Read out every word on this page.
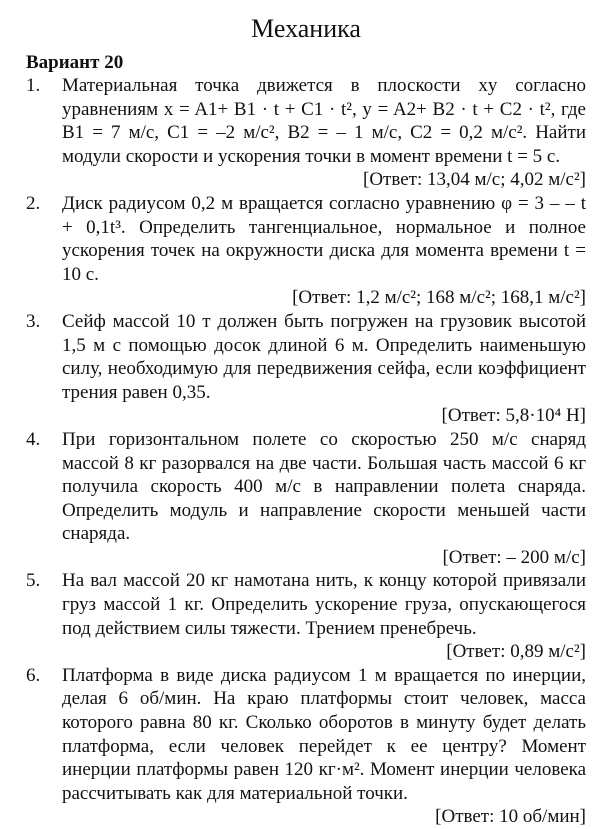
Механика
Вариант 20
1.	Материальная точка движется в плоскости xy согласно уравнениям x = A1+ B1 · t + C1 · t², y = A2+ B2 · t + C2 · t², где B1 = 7 м/с, C1 = –2 м/с², B2 = – 1 м/с, C2 = 0,2 м/с². Найти модули скорости и ускорения точки в момент времени t = 5 с.
[Ответ: 13,04 м/с; 4,02 м/с²]
2.	Диск радиусом 0,2 м вращается согласно уравнению φ = 3 – – t + 0,1t³. Определить тангенциальное, нормальное и полное ускорения точек на окружности диска для момента времени t = 10 с.
[Ответ: 1,2 м/с²; 168 м/с²; 168,1 м/с²]
3.	Сейф массой 10 т должен быть погружен на грузовик высотой 1,5 м с помощью досок длиной 6 м. Определить наименьшую силу, необходимую для передвижения сейфа, если коэффициент трения равен 0,35.
[Ответ: 5,8·10⁴ Н]
4.	При горизонтальном полете со скоростью 250 м/с снаряд массой 8 кг разорвался на две части. Большая часть массой 6 кг получила скорость 400 м/с в направлении полета снаряда. Определить модуль и направление скорости меньшей части снаряда.
[Ответ: – 200 м/с]
5.	На вал массой 20 кг намотана нить, к концу которой привязали груз массой 1 кг. Определить ускорение груза, опускающегося под действием силы тяжести. Трением пренебречь.
[Ответ: 0,89 м/с²]
6.	Платформа в виде диска радиусом 1 м вращается по инерции, делая 6 об/мин. На краю платформы стоит человек, масса которого равна 80 кг. Сколько оборотов в минуту будет делать платформа, если человек перейдет к ее центру? Момент инерции платформы равен 120 кг·м². Момент инерции человека рассчитывать как для материальной точки.
[Ответ: 10 об/мин]
